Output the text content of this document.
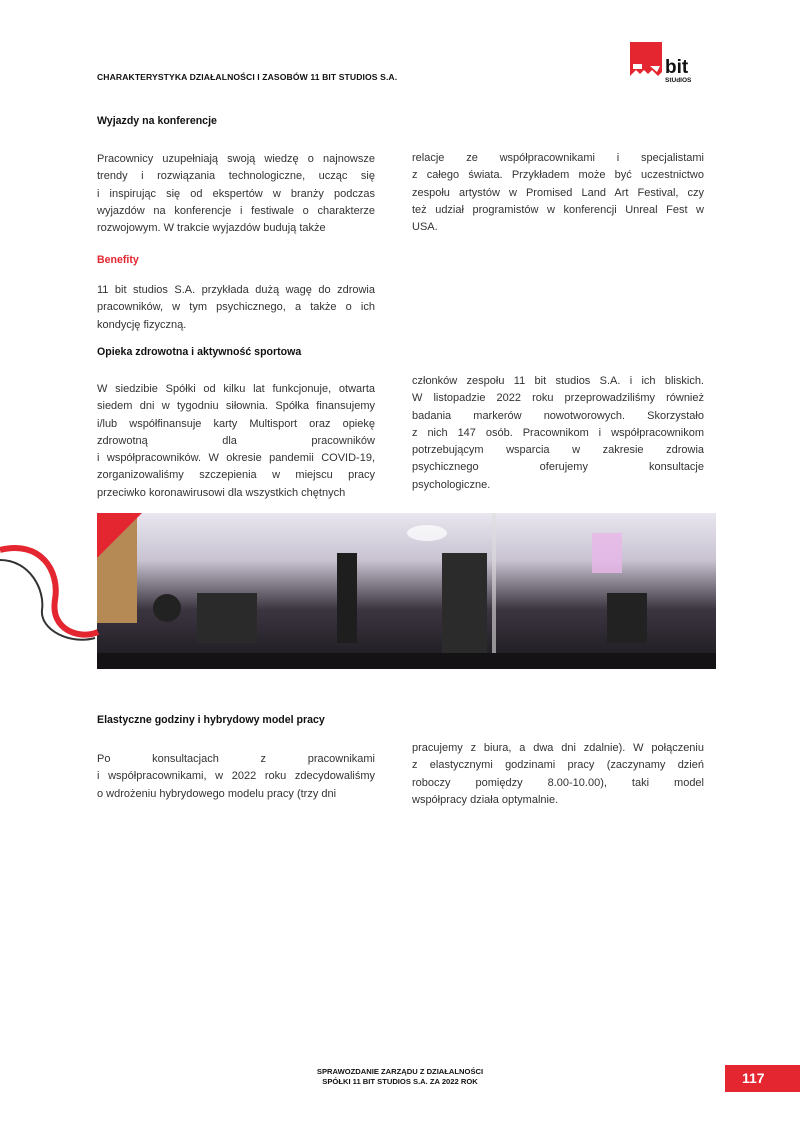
bit
StUdIOS
CHARAKTERYSTYKA DZIAŁALNOŚCI I ZASOBÓW 11 BIT STUDIOS S.A.
Wyjazdy na konferencje
Pracownicy uzupełniają swoją wiedzę o najnowsze
trendy i rozwiązania technologiczne, ucząc się
i inspirując się od ekspertów w branży podczas
wyjazdów na konferencje i festiwale o charakterze
rozwojowym. W trakcie wyjazdów budują także
relacje ze współpracownikami i specjalistami
z całego świata. Przykładem może być uczestnictwo
zespołu artystów w Promised Land Art Festival, czy
też udział programistów w konferencji Unreal Fest w
USA.
Benefity
11 bit studios S.A. przykłada dużą wagę do zdrowia
pracowników, w tym psychicznego, a także o ich
kondycję fizyczną.
Opieka zdrowotna i aktywność sportowa
W siedzibie Spółki od kilku lat funkcjonuje, otwarta
siedem dni w tygodniu siłownia. Spółka finansujemy
i/lub współfinansuje karty Multisport oraz opiekę
zdrowotną dla pracowników
i współpracowników. W okresie pandemii COVID-19,
zorganizowaliśmy szczepienia w miejscu pracy
przeciwko koronawirusowi dla wszystkich chętnych
członków zespołu 11 bit studios S.A. i ich bliskich.
W listopadzie 2022 roku przeprowadziliśmy również
badania markerów nowotworowych. Skorzystało
z nich 147 osób. Pracownikom i współpracownikom
potrzebującym wsparcia w zakresie zdrowia
psychicznego oferujemy konsultacje
psychologiczne.
Elastyczne godziny i hybrydowy model pracy
Po konsultacjach z pracownikami
i współpracownikami, w 2022 roku zdecydowaliśmy
o wdrożeniu hybrydowego modelu pracy (trzy dni
pracujemy z biura, a dwa dni zdalnie). W połączeniu
z elastycznymi godzinami pracy (zaczynamy dzień
roboczy pomiędzy 8.00-10.00), taki model
współpracy działa optymalnie.
SPRAWOZDANIE ZARZĄDU Z DZIAŁALNOŚCI
SPÓŁKI 11 BIT STUDIOS S.A. ZA 2022 ROK	117
